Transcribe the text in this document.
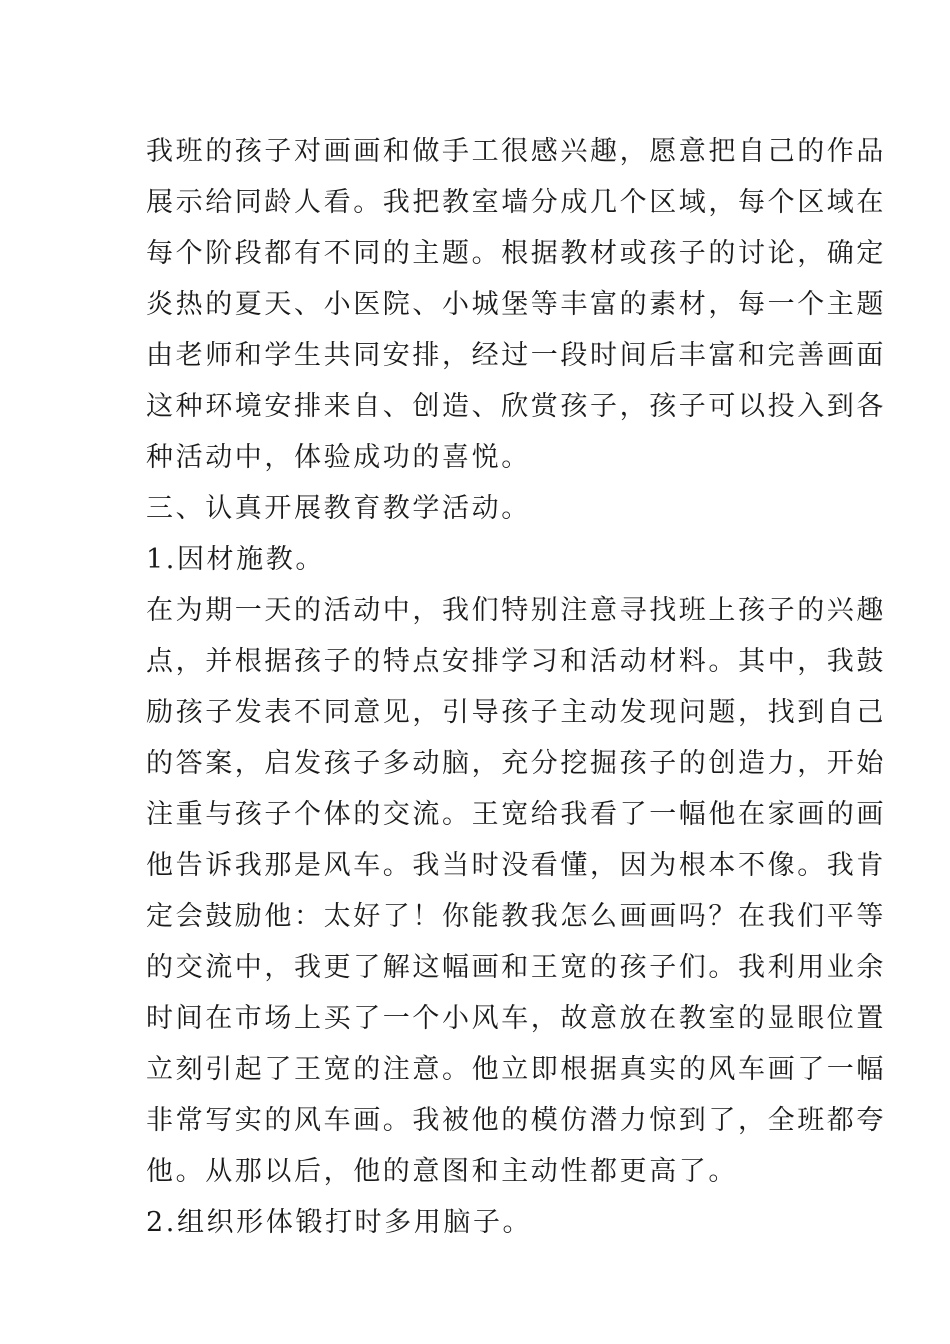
我班的孩子对画画和做手工很感兴趣，愿意把自己的作品
展示给同龄人看。我把教室墙分成几个区域，每个区域在
每个阶段都有不同的主题。根据教材或孩子的讨论，确定
炎热的夏天、小医院、小城堡等丰富的素材，每一个主题
由老师和学生共同安排，经过一段时间后丰富和完善画面
这种环境安排来自、创造、欣赏孩子，孩子可以投入到各
种活动中，体验成功的喜悦。
三、认真开展教育教学活动。
1.因材施教。
在为期一天的活动中，我们特别注意寻找班上孩子的兴趣
点，并根据孩子的特点安排学习和活动材料。其中，我鼓
励孩子发表不同意见，引导孩子主动发现问题，找到自己
的答案，启发孩子多动脑，充分挖掘孩子的创造力，开始
注重与孩子个体的交流。王宽给我看了一幅他在家画的画
他告诉我那是风车。我当时没看懂，因为根本不像。我肯
定会鼓励他：太好了！你能教我怎么画画吗？在我们平等
的交流中，我更了解这幅画和王宽的孩子们。我利用业余
时间在市场上买了一个小风车，故意放在教室的显眼位置
立刻引起了王宽的注意。他立即根据真实的风车画了一幅
非常写实的风车画。我被他的模仿潜力惊到了，全班都夸
他。从那以后，他的意图和主动性都更高了。
2.组织形体锻打时多用脑子。
